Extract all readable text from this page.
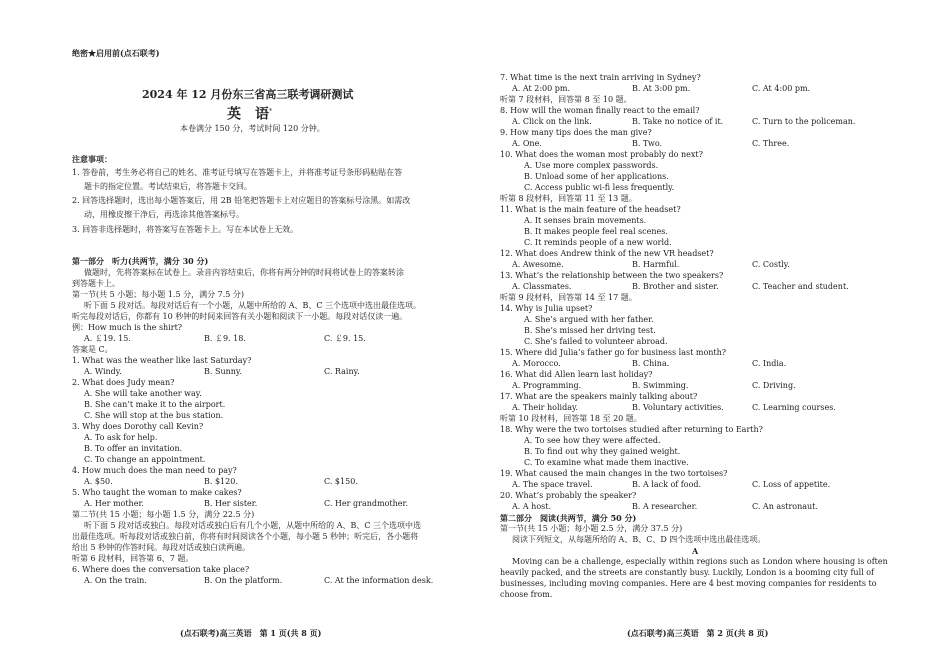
绝密★启用前(点石联考)
2024 年 12 月份东三省高三联考调研测试
英　语*
本卷满分 150 分，考试时间 120 分钟。
注意事项：
1. 答卷前，考生务必将自己的姓名、准考证号填写在答题卡上，并将准考证号条形码粘贴在答
题卡的指定位置。考试结束后，将答题卡交回。
2. 回答选择题时，选出每小题答案后，用 2B 铅笔把答题卡上对应题目的答案标号涂黑。如需改
动，用橡皮擦干净后，再选涂其他答案标号。
3. 回答非选择题时，将答案写在答题卡上。写在本试卷上无效。
第一部分　听力(共两节，满分 30 分)
做题时，先将答案标在试卷上。录音内容结束后，你将有两分钟的时间将试卷上的答案转涂
到答题卡上。
第一节(共 5 小题；每小题 1.5 分，满分 7.5 分)
听下面 5 段对话。每段对话后有一个小题，从题中所给的 A、B、C 三个选项中选出最佳选项。
听完每段对话后，你都有 10 秒钟的时间来回答有关小题和阅读下一小题。每段对话仅读一遍。
例：How much is the shirt?
A. ￡19. 15.	B. ￡9. 18.	C. ￡9. 15.
答案是 C。
1. What was the weather like last Saturday?
A. Windy.	B. Sunny.	C. Rainy.
2. What does Judy mean?
A. She will take another way.
B. She can’t make it to the airport.
C. She will stop at the bus station.
3. Why does Dorothy call Kevin?
A. To ask for help.
B. To offer an invitation.
C. To change an appointment.
4. How much does the man need to pay?
A. $50.	B. $120.	C. $150.
5. Who taught the woman to make cakes?
A. Her mother.	B. Her sister.	C. Her grandmother.
第二节(共 15 小题；每小题 1.5 分，满分 22.5 分)
听下面 5 段对话或独白。每段对话或独白后有几个小题，从题中所给的 A、B、C 三个选项中选
出最佳选项。听每段对话或独白前，你将有时间阅读各个小题，每小题 5 秒钟；听完后，各小题将
给出 5 秒钟的作答时间。每段对话或独白读两遍。
听第 6 段材料，回答第 6、7 题。
6. Where does the conversation take place?
A. On the train.	B. On the platform.	C. At the information desk.
(点石联考)高三英语　第 1 页(共 8 页)
7. What time is the next train arriving in Sydney?
A. At 2:00 pm.	B. At 3:00 pm.	C. At 4:00 pm.
听第 7 段材料，回答第 8 至 10 题。
8. How will the woman finally react to the email?
A. Click on the link.	B. Take no notice of it.	C. Turn to the policeman.
9. How many tips does the man give?
A. One.	B. Two.	C. Three.
10. What does the woman most probably do next?
A. Use more complex passwords.
B. Unload some of her applications.
C. Access public wi-fi less frequently.
听第 8 段材料，回答第 11 至 13 题。
11. What is the main feature of the headset?
A. It senses brain movements.
B. It makes people feel real scenes.
C. It reminds people of a new world.
12. What does Andrew think of the new VR headset?
A. Awesome.	B. Harmful.	C. Costly.
13. What’s the relationship between the two speakers?
A. Classmates.	B. Brother and sister.	C. Teacher and student.
听第 9 段材料，回答第 14 至 17 题。
14. Why is Julia upset?
A. She’s argued with her father.
B. She’s missed her driving test.
C. She’s failed to volunteer abroad.
15. Where did Julia’s father go for business last month?
A. Morocco.	B. China.	C. India.
16. What did Allen learn last holiday?
A. Programming.	B. Swimming.	C. Driving.
17. What are the speakers mainly talking about?
A. Their holiday.	B. Voluntary activities.	C. Learning courses.
听第 10 段材料，回答第 18 至 20 题。
18. Why were the two tortoises studied after returning to Earth?
A. To see how they were affected.
B. To find out why they gained weight.
C. To examine what made them inactive.
19. What caused the main changes in the two tortoises?
A. The space travel.	B. A lack of food.	C. Loss of appetite.
20. What’s probably the speaker?
A. A host.	B. A researcher.	C. An astronaut.
第二部分　阅读(共两节，满分 50 分)
第一节(共 15 小题；每小题 2.5 分，满分 37.5 分)
阅读下列短文，从每题所给的 A、B、C、D 四个选项中选出最佳选项。
A
Moving can be a challenge, especially within regions such as London where housing is often
heavily packed, and the streets are constantly busy. Luckily, London is a booming city full of
businesses, including moving companies. Here are 4 best moving companies for residents to
choose from.
(点石联考)高三英语　第 2 页(共 8 页)
